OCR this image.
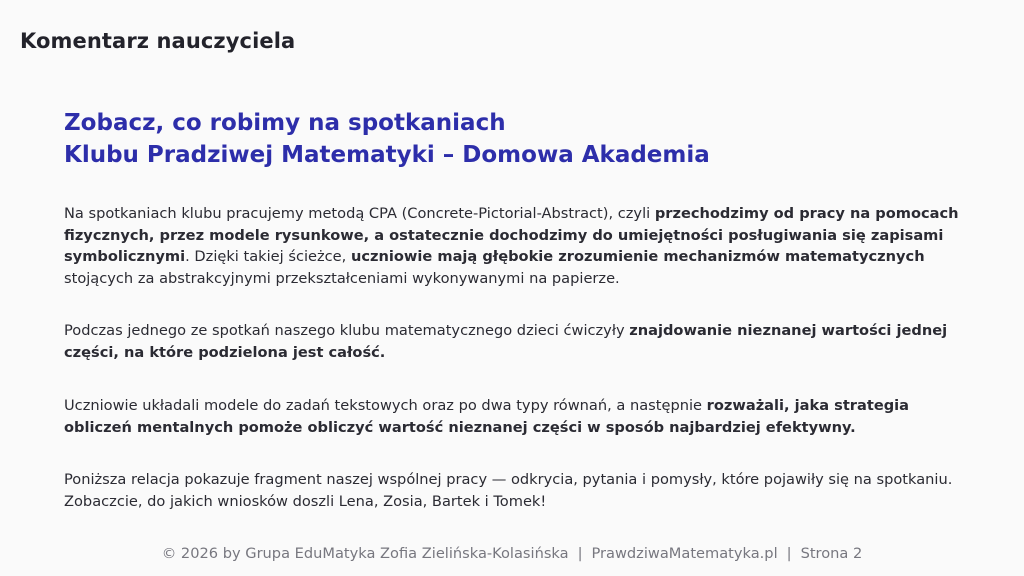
Komentarz nauczyciela
Zobacz, co robimy na spotkaniach
Klubu Pradziwej Matematyki – Domowa Akademia
Na spotkaniach klubu pracujemy metodą CPA (Concrete-Pictorial-Abstract), czyli przechodzimy od pracy na pomocach fizycznych, przez modele rysunkowe, a ostatecznie dochodzimy do umiejętności posługiwania się zapisami symbolicznymi. Dzięki takiej ścieżce, uczniowie mają głębokie zrozumienie mechanizmów matematycznych stojących za abstrakcyjnymi przekształceniami wykonywanymi na papierze.
Podczas jednego ze spotkań naszego klubu matematycznego dzieci ćwiczyły znajdowanie nieznanej wartości jednej części, na które podzielona jest całość.
Uczniowie układali modele do zadań tekstowych oraz po dwa typy równań, a następnie rozważali, jaka strategia obliczeń mentalnych pomoże obliczyć wartość nieznanej części w sposób najbardziej efektywny.
Poniższa relacja pokazuje fragment naszej wspólnej pracy — odkrycia, pytania i pomysły, które pojawiły się na spotkaniu. Zobaczcie, do jakich wniosków doszli Lena, Zosia, Bartek i Tomek!
© 2026 by Grupa EduMatyka Zofia Zielińska-Kolasińska | PrawdziwaMatematyka.pl | Strona 2
